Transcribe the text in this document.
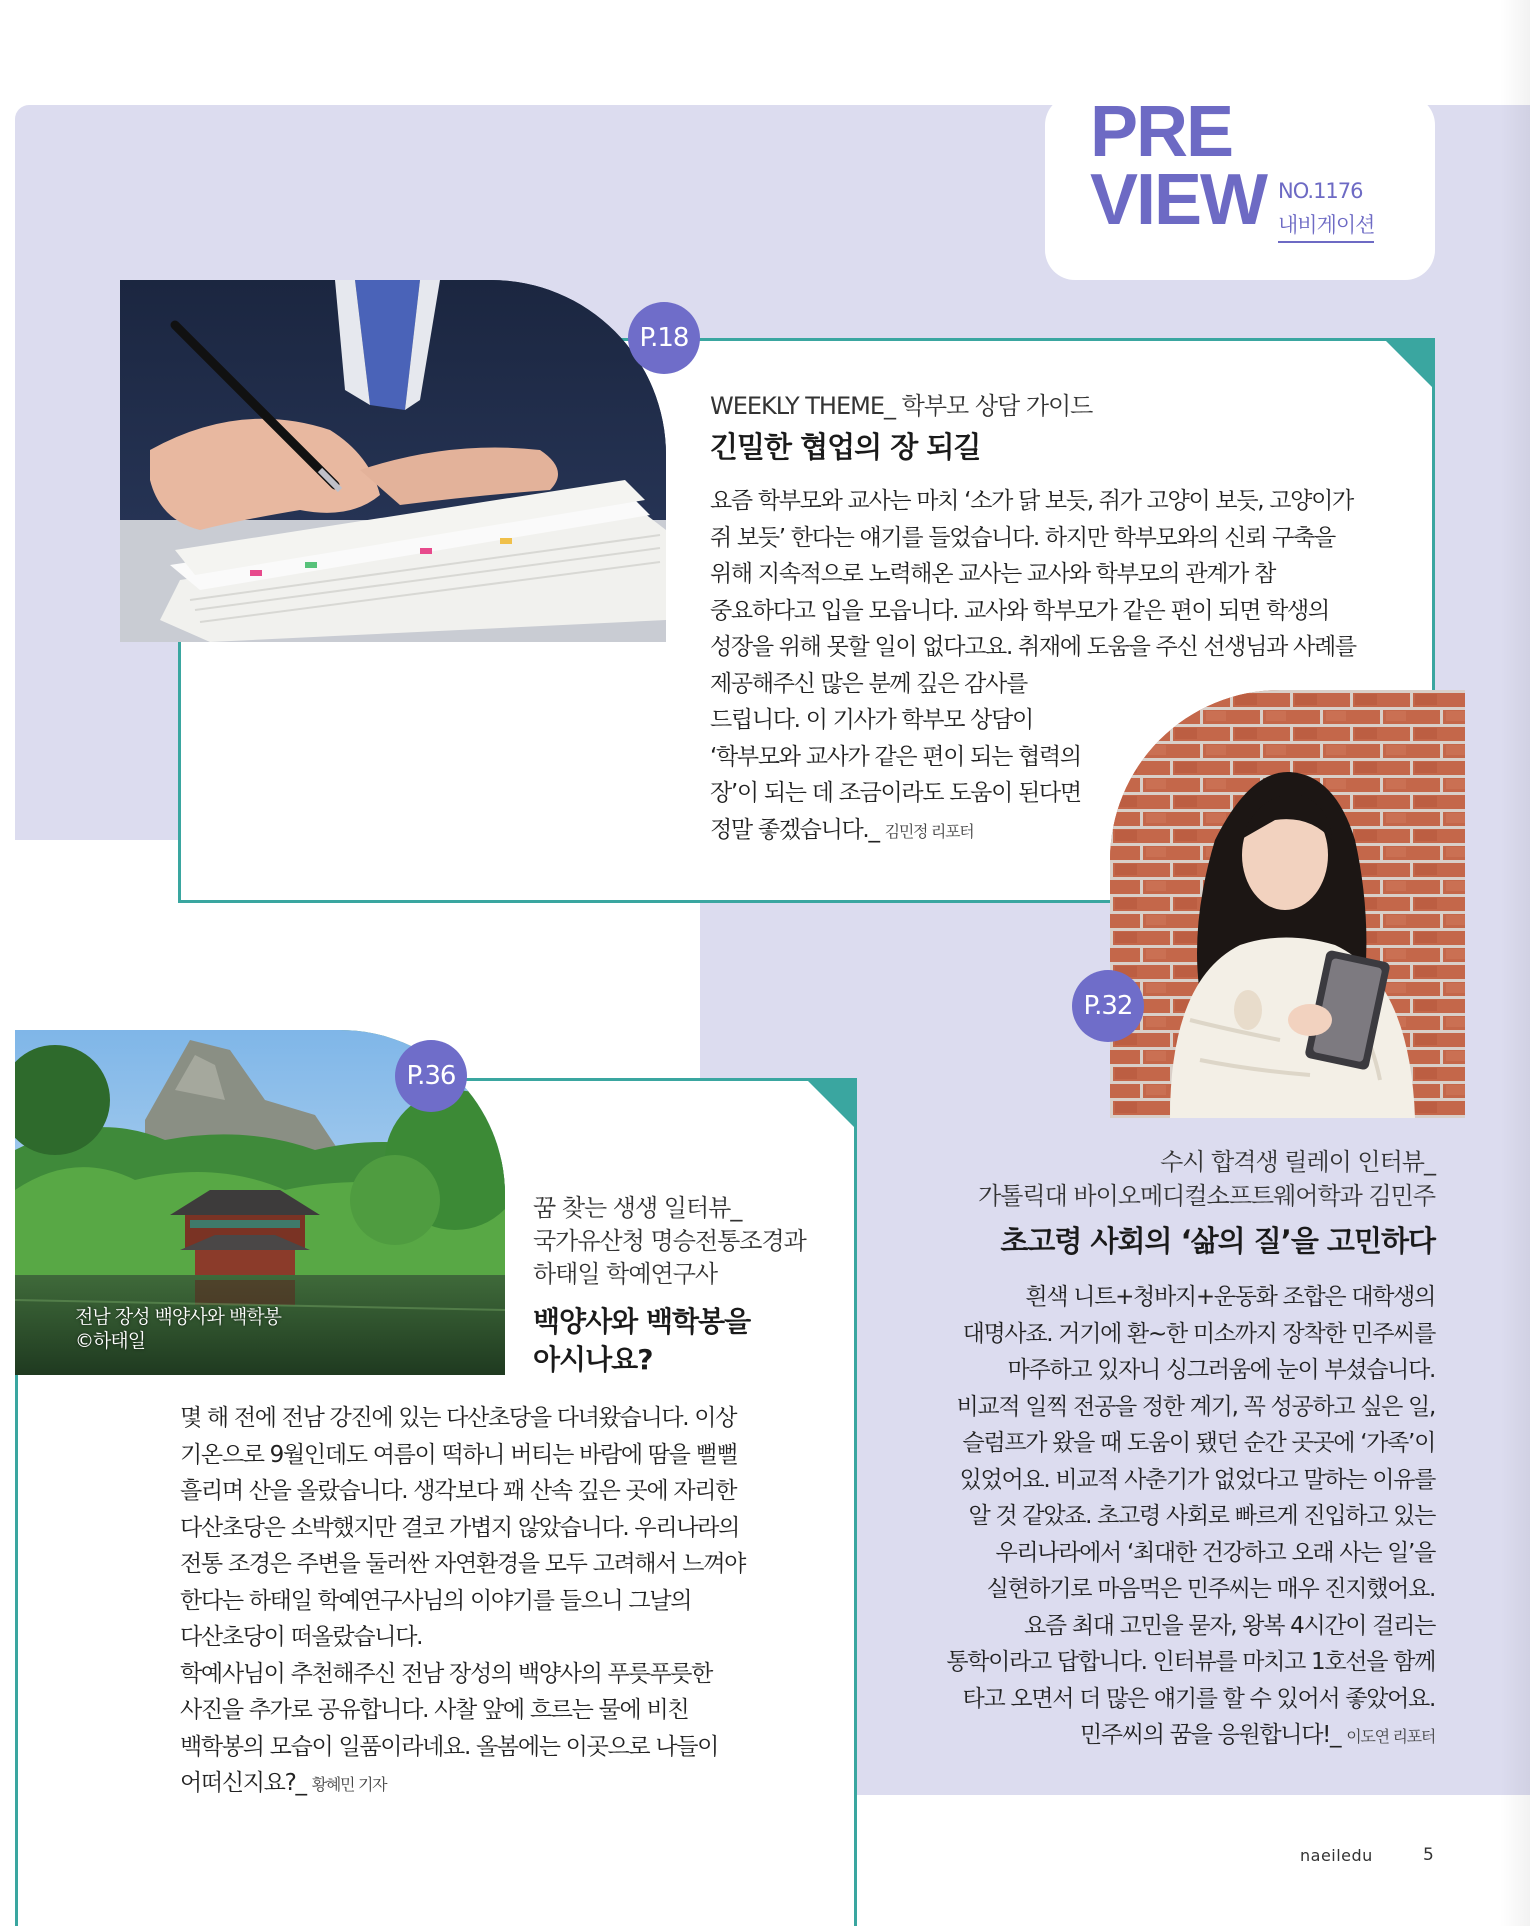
PRE
VIEW NO.1176
내비게이션
P.18
WEEKLY THEME_ 학부모 상담 가이드
긴밀한 협업의 장 되길
요즘 학부모와 교사는 마치 ‘소가 닭 보듯, 쥐가 고양이 보듯, 고양이가
쥐 보듯’ 한다는 얘기를 들었습니다. 하지만 학부모와의 신뢰 구축을
위해 지속적으로 노력해온 교사는 교사와 학부모의 관계가 참
중요하다고 입을 모읍니다. 교사와 학부모가 같은 편이 되면 학생의
성장을 위해 못할 일이 없다고요. 취재에 도움을 주신 선생님과 사례를
제공해주신 많은 분께 깊은 감사를
드립니다. 이 기사가 학부모 상담이
‘학부모와 교사가 같은 편이 되는 협력의
장’이 되는 데 조금이라도 도움이 된다면
정말 좋겠습니다._ 김민정 리포터
P.32
수시 합격생 릴레이 인터뷰_
가톨릭대 바이오메디컬소프트웨어학과 김민주
초고령 사회의 ‘삶의 질’을 고민하다
흰색 니트+청바지+운동화 조합은 대학생의
대명사죠. 거기에 환~한 미소까지 장착한 민주씨를
마주하고 있자니 싱그러움에 눈이 부셨습니다.
비교적 일찍 전공을 정한 계기, 꼭 성공하고 싶은 일,
슬럼프가 왔을 때 도움이 됐던 순간 곳곳에 ‘가족’이
있었어요. 비교적 사춘기가 없었다고 말하는 이유를
알 것 같았죠. 초고령 사회로 빠르게 진입하고 있는
우리나라에서 ‘최대한 건강하고 오래 사는 일’을
실현하기로 마음먹은 민주씨는 매우 진지했어요.
요즘 최대 고민을 묻자, 왕복 4시간이 걸리는
통학이라고 답합니다. 인터뷰를 마치고 1호선을 함께
타고 오면서 더 많은 얘기를 할 수 있어서 좋았어요.
민주씨의 꿈을 응원합니다!_ 이도연 리포터
전남 장성 백양사와 백학봉
©하태일
P.36
꿈 찾는 생생 일터뷰_
국가유산청 명승전통조경과
하태일 학예연구사
백양사와 백학봉을
아시나요?
몇 해 전에 전남 강진에 있는 다산초당을 다녀왔습니다. 이상
기온으로 9월인데도 여름이 떡하니 버티는 바람에 땀을 뻘뻘
흘리며 산을 올랐습니다. 생각보다 꽤 산속 깊은 곳에 자리한
다산초당은 소박했지만 결코 가볍지 않았습니다. 우리나라의
전통 조경은 주변을 둘러싼 자연환경을 모두 고려해서 느껴야
한다는 하태일 학예연구사님의 이야기를 들으니 그날의
다산초당이 떠올랐습니다.
학예사님이 추천해주신 전남 장성의 백양사의 푸릇푸릇한
사진을 추가로 공유합니다. 사찰 앞에 흐르는 물에 비친
백학봉의 모습이 일품이라네요. 올봄에는 이곳으로 나들이
어떠신지요?_ 황혜민 기자
naeiledu	5
